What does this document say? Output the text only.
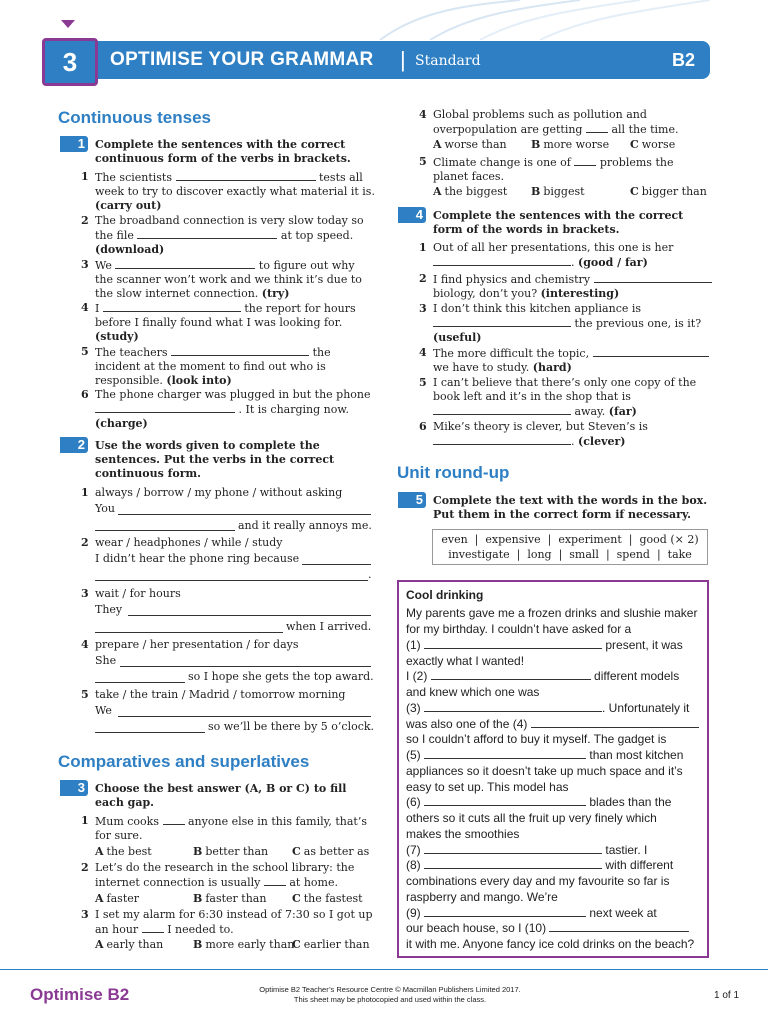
3	OPTIMISE YOUR GRAMMAR | Standard	B2
Continuous tenses
1 Complete the sentences with the correct
continuous form of the verbs in brackets.
1 The scientists	tests all
week to try to discover exactly what material it is.
(carry out)
2 The broadband connection is very slow today so
the file	at top speed.
(download)
3 We	to figure out why
the scanner won’t work and we think it’s due to
the slow internet connection. (try)
4 I	the report for hours
before I finally found what I was looking for.
(study)
5 The teachers	the
incident at the moment to find out who is
responsible. (look into)
6 The phone charger was plugged in but the phone
. It is charging now.
(charge)
2 Use the words given to complete the
sentences. Put the verbs in the correct
continuous form.
1 always / borrow / my phone / without asking
You
and it really annoys me.
2 wear / headphones / while / study
I didn’t hear the phone ring because
.
3 wait / for hours
They
when I arrived.
4 prepare / her presentation / for days
She
so I hope she gets the top award.
5 take / the train / Madrid / tomorrow morning
We
so we’ll be there by 5 o’clock.
Comparatives and superlatives
3 Choose the best answer (A, B or C) to fill
each gap.
1 Mum cooks	anyone else in this family, that’s
for sure.
A the best	B better than C as better as
2 Let’s do the research in the school library: the
internet connection is usually	at home.
A faster	B faster than C the fastest
3 I set my alarm for 6:30 instead of 7:30 so I got up
an hour	I needed to.
A early than	B more early than
C earlier than
4 Global problems such as pollution and
overpopulation are getting	all the time.
A worse than B more worse C worse
5 Climate change is one of	problems the
planet faces.
A the biggest B biggest	C bigger than
4 Complete the sentences with the correct
form of the words in brackets.
1 Out of all her presentations, this one is her
. (good / far)
2 I find physics and chemistry
biology, don’t you? (interesting)
3 I don’t think this kitchen appliance is
the previous one, is it?
(useful)
4 The more difficult the topic,
we have to study. (hard)
5 I can’t believe that there’s only one copy of the
book left and it’s in the shop that is
away. (far)
6 Mike’s theory is clever, but Steven’s is
. (clever)
Unit round-up
5 Complete the text with the words in the box.
Put them in the correct form if necessary.
even  |  expensive  |  experiment  |  good (× 2)
investigate  |  long  |  small  |  spend  |  take
Cool drinking
My parents gave me a frozen drinks and slushie maker
for my birthday. I couldn’t have asked for a
(1)	present, it was
exactly what I wanted!
I (2)	different models
and knew which one was
(3)	. Unfortunately it
was also one of the (4)
so I couldn’t afford to buy it myself. The gadget is
(5)	than most kitchen
appliances so it doesn’t take up much space and it’s
easy to set up. This model has
(6)	blades than the
others so it cuts all the fruit up very finely which
makes the smoothies
(7)	tastier. I
(8)	with different
combinations every day and my favourite so far is
raspberry and mango. We’re
(9)	next week at
our beach house, so I (10)
it with me. Anyone fancy ice cold drinks on the beach?
Optimise B2	Optimise B2 Teacher’s Resource Centre © Macmillan Publishers Limited 2017.
This sheet may be photocopied and used within the class.	1 of 1
